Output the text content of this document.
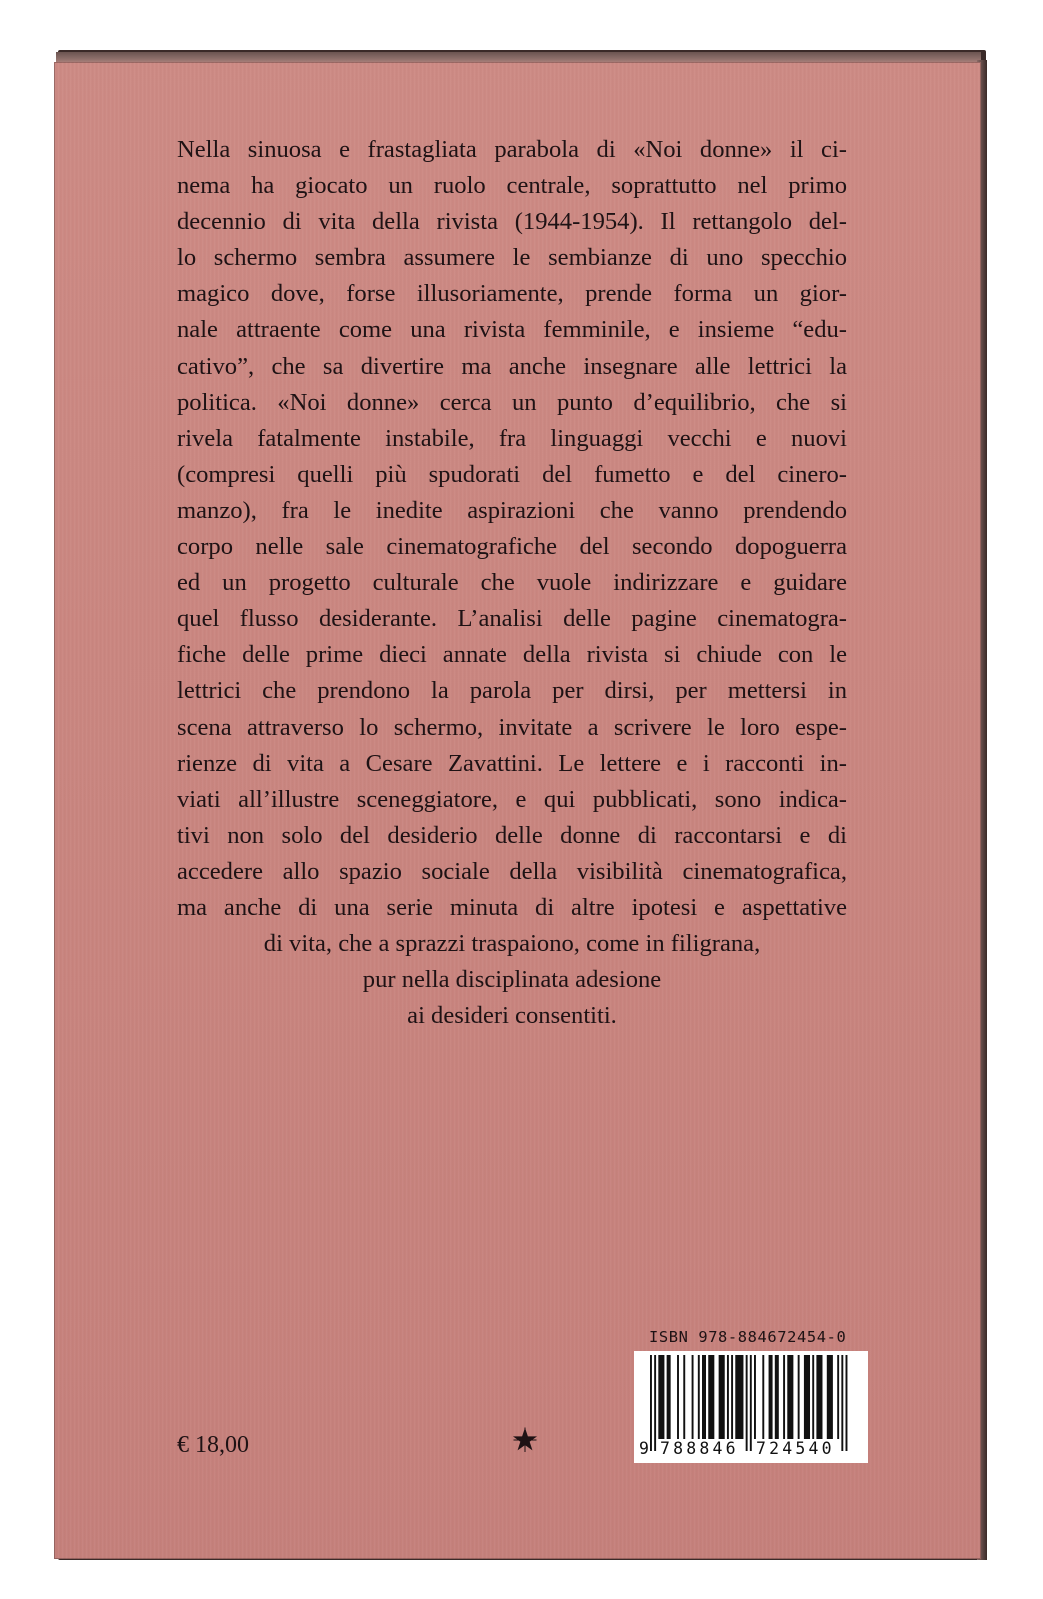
Nella sinuosa e frastagliata parabola di «Noi donne» il ci-
nema ha giocato un ruolo centrale, soprattutto nel primo
decennio di vita della rivista (1944-1954). Il rettangolo del-
lo schermo sembra assumere le sembianze di uno specchio
magico dove, forse illusoriamente, prende forma un gior-
nale attraente come una rivista femminile, e insieme “edu-
cativo”, che sa divertire ma anche insegnare alle lettrici la
politica. «Noi donne» cerca un punto d’equilibrio, che si
rivela fatalmente instabile, fra linguaggi vecchi e nuovi
(compresi quelli più spudorati del fumetto e del cinero-
manzo), fra le inedite aspirazioni che vanno prendendo
corpo nelle sale cinematografiche del secondo dopoguerra
ed un progetto culturale che vuole indirizzare e guidare
quel flusso desiderante. L’analisi delle pagine cinematogra-
fiche delle prime dieci annate della rivista si chiude con le
lettrici che prendono la parola per dirsi, per mettersi in
scena attraverso lo schermo, invitate a scrivere le loro espe-
rienze di vita a Cesare Zavattini. Le lettere e i racconti in-
viati all’illustre sceneggiatore, e qui pubblicati, sono indica-
tivi non solo del desiderio delle donne di raccontarsi e di
accedere allo spazio sociale della visibilità cinematografica,
ma anche di una serie minuta di altre ipotesi e aspettative
di vita, che a sprazzi traspaiono, come in filigrana,
pur nella disciplinata adesione
ai desideri consentiti.
€ 18,00
ISBN 978-884672454-0
9 788846 724540
